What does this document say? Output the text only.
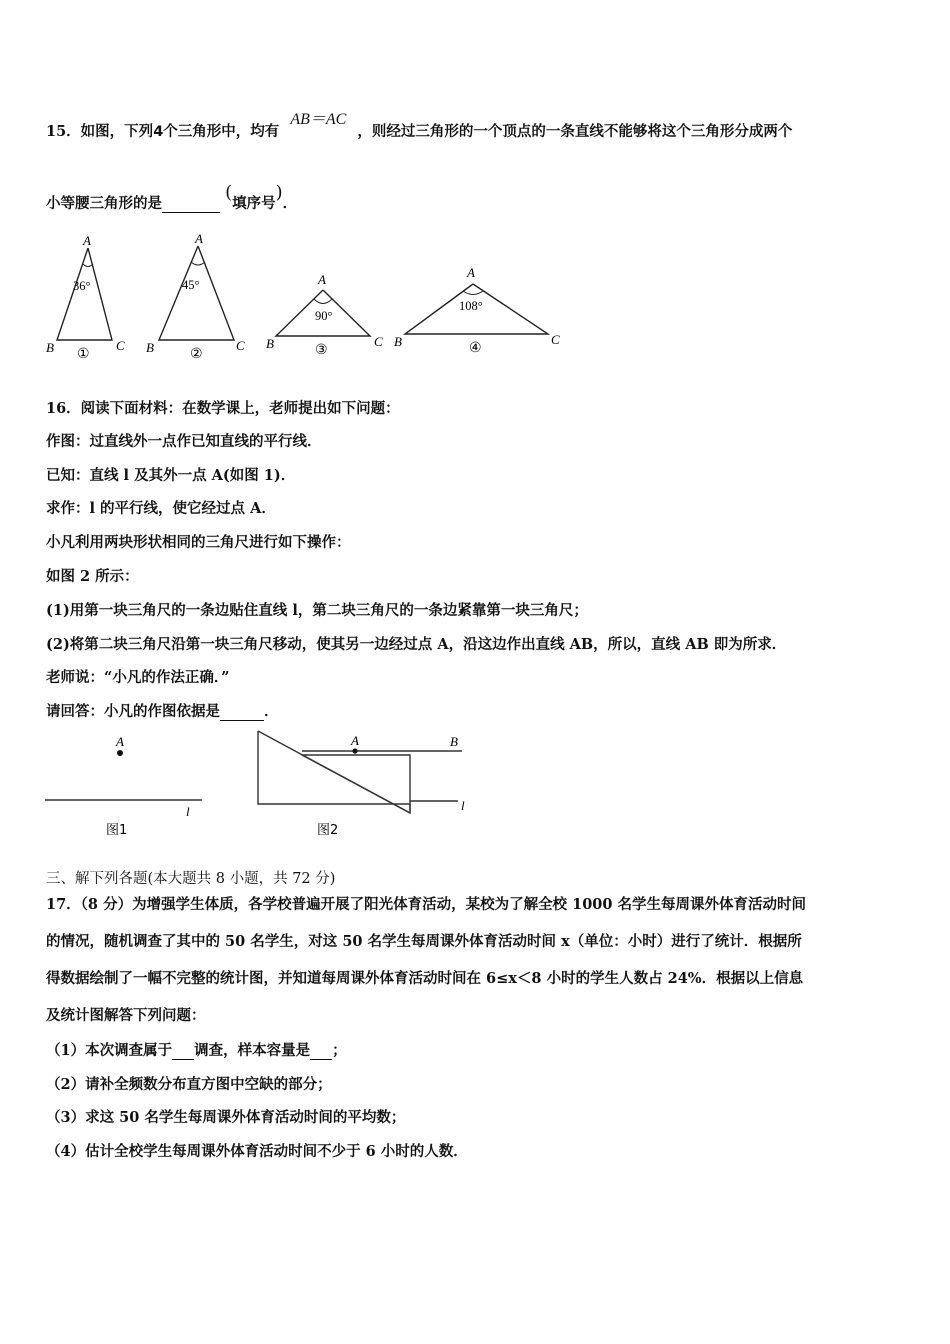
15．如图，下列4个三角形中，均有 AB＝AC ，则经过三角形的一个顶点的一条直线不能够将这个三角形分成两个
小等腰三角形的是 (填序号)．
A
B	C
36°
①
A
B	C
45°
②
A
B	C
90°
③
A
B	C
108°
④
16．阅读下面材料：在数学课上，老师提出如下问题：
作图：过直线外一点作已知直线的平行线．
已知：直线 l 及其外一点 A(如图 1)．
求作：l 的平行线，使它经过点 A．
小凡利用两块形状相同的三角尺进行如下操作：
如图 2 所示：
(1)用第一块三角尺的一条边贴住直线 l，第二块三角尺的一条边紧靠第一块三角尺；
(2)将第二块三角尺沿第一块三角尺移动，使其另一边经过点 A，沿这边作出直线 AB，所以，直线 AB 即为所求．
老师说：“小凡的作法正确．”
请回答：小凡的作图依据是	．
A
l
图1
A	B
l
图2
三、解下列各题(本大题共 8 小题，共 72 分)
17．（8 分）为增强学生体质，各学校普遍开展了阳光体育活动，某校为了解全校 1000 名学生每周课外体育活动时间
的情况，随机调查了其中的 50 名学生，对这 50 名学生每周课外体育活动时间 x（单位：小时）进行了统计．根据所
得数据绘制了一幅不完整的统计图，并知道每周课外体育活动时间在 6≤x＜8 小时的学生人数占 24%．根据以上信息
及统计图解答下列问题：
（1）本次调查属于 调查，样本容量是 ；
（2）请补全频数分布直方图中空缺的部分；
（3）求这 50 名学生每周课外体育活动时间的平均数；
（4）估计全校学生每周课外体育活动时间不少于 6 小时的人数．
